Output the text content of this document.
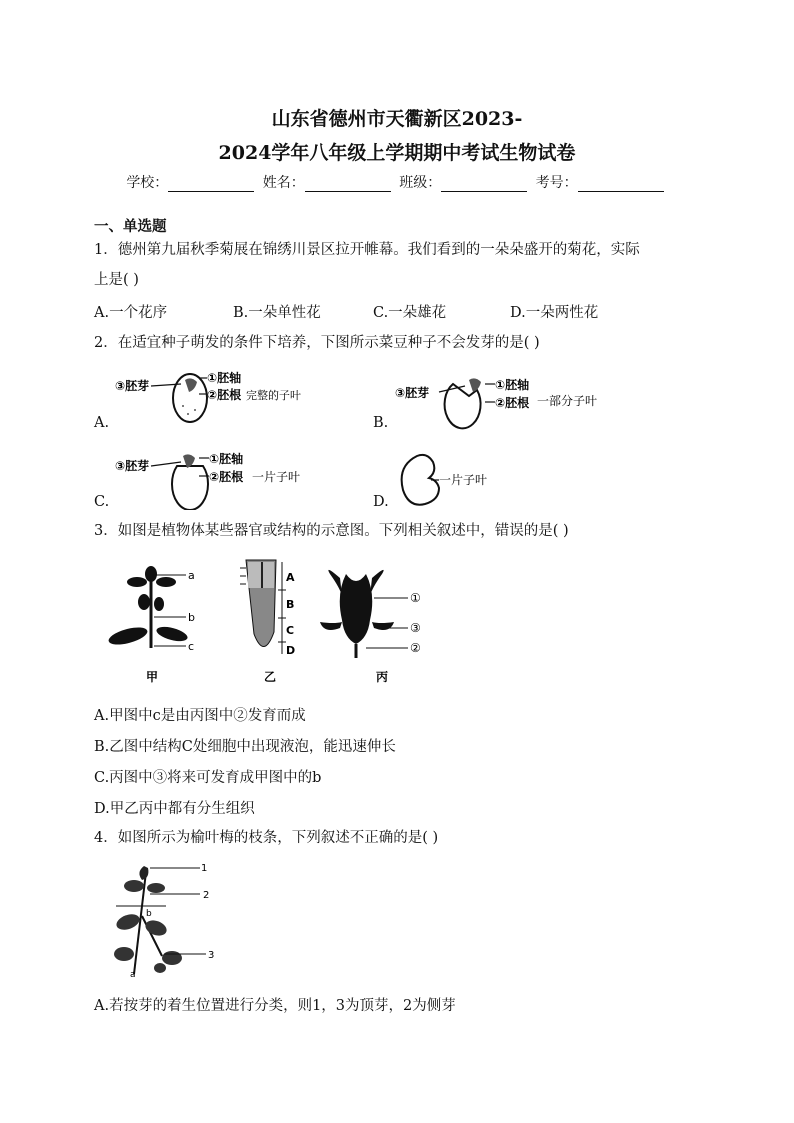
山东省德州市天衢新区2023-
2024学年八年级上学期期中考试生物试卷
学校：	姓名：	班级：	考号：
一、单选题
1．德州第九届秋季菊展在锦绣川景区拉开帷幕。我们看到的一朵朵盛开的菊花，实际
上是( )
A.一个花序	B.一朵单性花	C.一朵雄花	D.一朵两性花
2．在适宜种子萌发的条件下培养，下图所示菜豆种子不会发芽的是( )
③胚芽
①胚轴
②胚根 完整的子叶
A.
③胚芽
①胚轴
②胚根 一部分子叶
B.
③胚芽	①胚轴
②胚根 一片子叶
C.
一片子叶
D.
3．如图是植物体某些器官或结构的示意图。下列相关叙述中，错误的是( )
a
b
c
甲
A
B
C
D
乙
①
③
②
丙
A.甲图中c是由丙图中②发育而成
B.乙图中结构C处细胞中出现液泡，能迅速伸长
C.丙图中③将来可发育成甲图中的b
D.甲乙丙中都有分生组织
4．如图所示为榆叶梅的枝条，下列叙述不正确的是( )
1
2
3
b
a
A.若按芽的着生位置进行分类，则1，3为顶芽，2为侧芽
